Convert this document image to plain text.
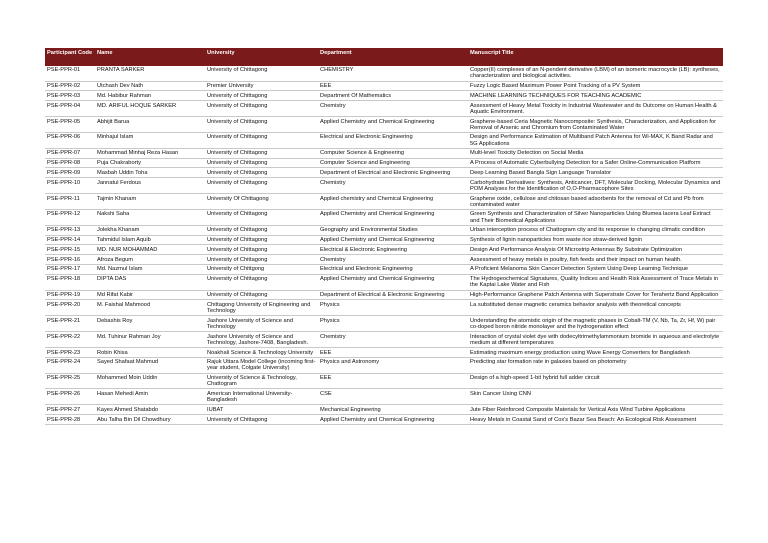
Participant Code	Name	University	Department	Manuscript Title
PSE-PPR-01	PRANTA SARKER	University of Chittagong	CHEMISTRY	Copper(II) complexes of an N-pendent derivative (LBM) of an isomeric macrocycle (LB): syntheses, characterization and biological activities.
PSE-PPR-02	Utchash Dev Nath	Premier University	EEE	Fuzzy Logic Based Maximum Power Point Tracking of a PV System
PSE-PPR-03	Md. Habibur Rahman	University of Chittagong	Department Of Mathematics	MACHINE LEARNING TECHNIQUES FOR TEACHING ACADEMIC
PSE-PPR-04	MD. ARIFUL HOQUE SARKER	University of Chittagong	Chemistry	Assessment of Heavy Metal Toxicity in Industrial Wastewater and its Outcome on Human Health & Aquatic Environment.
PSE-PPR-05	Abhijit Barua	University of Chittagong	Applied Chemistry and Chemical Engineering	Graphene-based Ceria Magnetic Nanocomposite: Synthesis, Characterization, and Application for Removal of Arsenic and Chromium from Contaminated Water
PSE-PPR-06	Minhajul Islam	University of Chittagong	Electrical and Electronic Engineering	Design and Performance Estimation of Multiband Patch Antenna for Wi-MAX, K Band Radar and 5G Applications
PSE-PPR-07	Mohammad Minhaj Reza Hasan	University of Chittagong	Computer Science & Engineering	Multi-level Toxicity Detection on Social Media
PSE-PPR-08	Puja Chakraborty	University of Chittagong	Computer Science and Engineering	A Process of Automatic Cyberbullying Detection for a Safer Online-Communication Platform
PSE-PPR-09	Masbah Uddin Toha	University of Chittagong	Department of Electrical and Electronic Engineering	Deep Learning Based Bangla Sign Language Translator
PSE-PPR-10	Jannatul Ferdous	University of Chittagong	Chemistry	Carbohydrate Derivatives: Synthesis, Anticancer, DFT, Molecular Docking, Molecular Dynamics and POM Analyses for the Identification of O,O-Pharmacophore Sites
PSE-PPR-11	Tajmin Khanam	University Of Chittagong	Applied chemistry and Chemical Engineering	Graphene oxide, cellulose and chitosan based adsorbents for the removal of Cd and Pb from contaminated water
PSE-PPR-12	Nakshi Saha	University of Chittagong	Applied Chemistry and Chemical Engineering	Green Synthesis and Characterization of Silver Nanoparticles Using Blumea lacera Leaf Extract and Their Biomedical Applications
PSE-PPR-13	Jolekha Khanam	University of Chittagong	Geography and Environmental Studies	Urban interception process of Chattogram city and its response to changing climatic condition
PSE-PPR-14	Tahmidul Islam Aquib	University of Chittagong	Applied Chemistry and Chemical Engineering	Synthesis of lignin nanoparticles from waste rice straw-derived lignin
PSE-PPR-15	MD. NUR MOHAMMAD	University of Chittagong	Electrical & Electronic Engineering	Design And Performance Analysis Of Microstrip Antennas By Substrate Optimization
PSE-PPR-16	Afroza Begum	University of Chittagong	Chemistry	Assessment of heavy metals in poultry, fish feeds and their impact on human health.
PSE-PPR-17	Md. Nazmul Islam	University of Chittgong	Electrical and Electronic Engineering	A Proficient Melanoma Skin Cancer Detection System Using Deep Learning Technique
PSE-PPR-18	DIPTA DAS	University of Chittagong	Applied Chemistry and Chemical Engineering	The Hydrogeochemical Signatures, Quality Indices and Health Risk Assessment of Trace Metals in the Kaptai Lake Water and Fish
PSE-PPR-19	Md Rifat Kabir	University of Chittagong	Department of Electrical & Electronic Engineering	High-Performance Graphene Patch Antenna with Superstrate Cover for Terahertz Band Application
PSE-PPR-20	M. Faishal Mahmood	Chittagong University of Engineering and Technology	Physics	La substituted dense magnetic ceramics behavior analysis with theoretical concepts
PSE-PPR-21	Debashis Roy	Jashore University of Science and Technology	Physics	Understanding the atomistic origin of the magnetic phases in Cobalt-TM (V, Nb, Ta, Zr, Hf, W) pair co-doped boron nitride monolayer and the hydrogenation effect
PSE-PPR-22	Md. Tuhinur Rahman Joy	Jashore University of Science and Technology, Jashore-7408, Bangladesh.	Chemistry	Interaction of crystal violet dye with dodecyltrimethylammonium bromide in aqueous and electrolyte medium at different temperatures
PSE-PPR-23	Robin Khisa	Noakhali Science & Technology University	EEE	Estimating maximum energy production using Wave Energy Converters for Bangladesh
PSE-PPR-24	Sayed Shafaat Mahmud	Rajuk Uttara Model College (incoming first-year student, Colgate University)	Physics and Astronomy	Predicting star formation rate in galaxies based on photometry
PSE-PPR-25	Mohammed Moin Uddin	University of Science & Technology, Chattogram	EEE	Design of a high-speed 1-bit hybrid full adder circuit
PSE-PPR-26	Hasan Mehedi Amin	American International University-Bangladesh	CSE	Skin Cancer Using CNN
PSE-PPR-27	Kayes Ahmed Shatabdo	IUBAT	Mechanical Engineering	Jute Fiber Reinforced Composite Materials for Vertical Axis Wind Turbine Applications
PSE-PPR-28	Abu Talha Bin Dil Chowdhury	University of Chittagong	Applied Chemistry and Chemical Engineering	Heavy Metals in Coastal Sand of Cox's Bazar Sea Beach: An Ecological Risk Assessment
